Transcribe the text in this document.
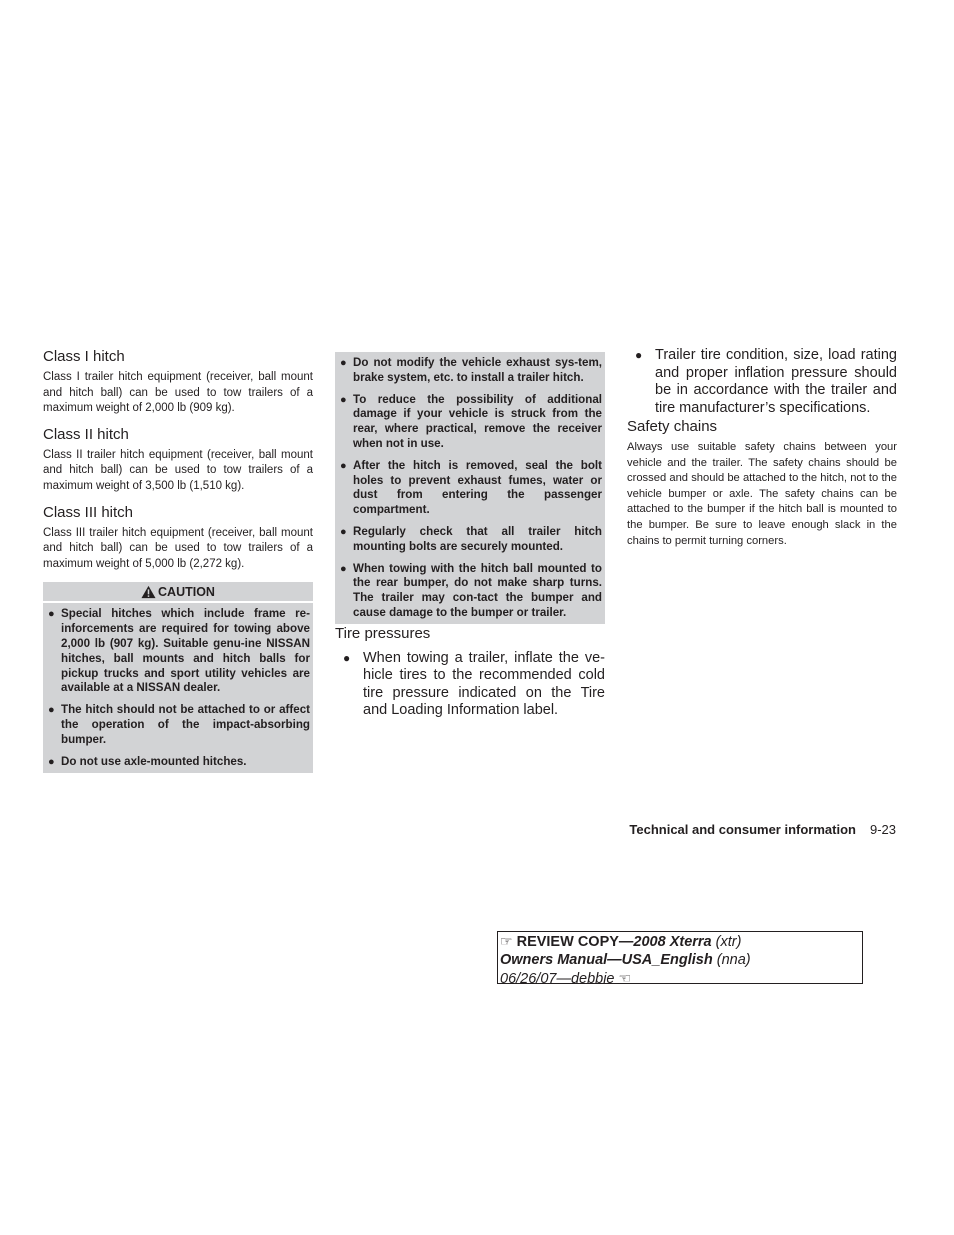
Class I hitch

Class I trailer hitch equipment (receiver, ball mount and hitch ball) can be used to tow trailers of a maximum weight of 2,000 lb (909 kg).

Class II hitch

Class II trailer hitch equipment (receiver, ball mount and hitch ball) can be used to tow trailers of a maximum weight of 3,500 lb (1,510 kg).

Class III hitch

Class III trailer hitch equipment (receiver, ball mount and hitch ball) can be used to tow trailers of a maximum weight of 5,000 lb (2,272 kg).

CAUTION
● Special hitches which include frame re-inforcements are required for towing above 2,000 lb (907 kg). Suitable genu-ine NISSAN hitches, ball mounts and hitch balls for pickup trucks and sport utility vehicles are available at a NISSAN dealer.
● The hitch should not be attached to or affect the operation of the impact-absorbing bumper.
● Do not use axle-mounted hitches.
● Do not modify the vehicle exhaust sys-tem, brake system, etc. to install a trailer hitch.
● To reduce the possibility of additional damage if your vehicle is struck from the rear, where practical, remove the receiver when not in use.
● After the hitch is removed, seal the bolt holes to prevent exhaust fumes, water or dust from entering the passenger compartment.
● Regularly check that all trailer hitch mounting bolts are securely mounted.
● When towing with the hitch ball mounted to the rear bumper, do not make sharp turns. The trailer may con-tact the bumper and cause damage to the bumper or trailer.
Tire pressures
● When towing a trailer, inflate the ve-hicle tires to the recommended cold tire pressure indicated on the Tire and Loading Information label.
● Trailer tire condition, size, load rating and proper inflation pressure should be in accordance with the trailer and tire manufacturer’s specifications.
Safety chains

Always use suitable safety chains between your vehicle and the trailer. The safety chains should be crossed and should be attached to the hitch, not to the vehicle bumper or axle. The safety chains can be attached to the bumper if the hitch ball is mounted to the bumper. Be sure to leave enough slack in the chains to permit turning corners.

Technical and consumer information 9-23
☞ REVIEW COPY—2008 Xterra (xtr)
Owners Manual—USA_English (nna)
06/26/07—debbie ☜
